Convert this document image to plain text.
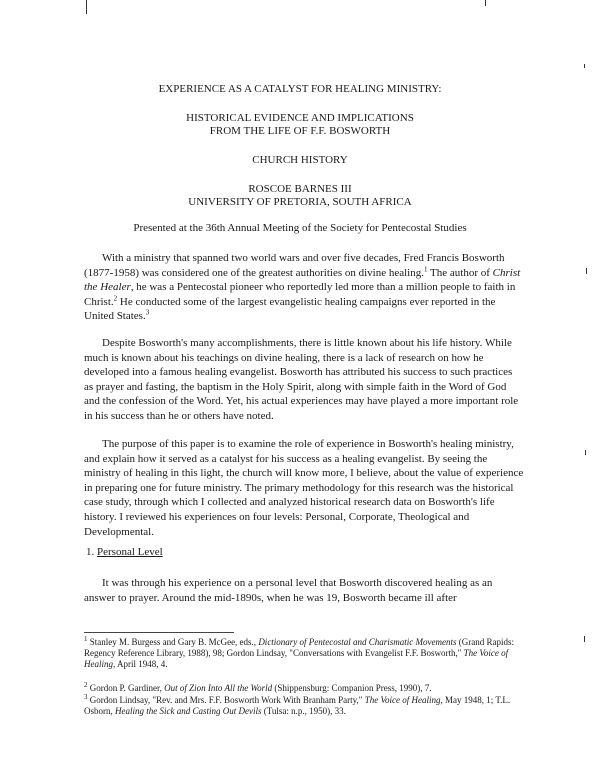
EXPERIENCE AS A CATALYST FOR HEALING MINISTRY:
HISTORICAL EVIDENCE AND IMPLICATIONS
FROM THE LIFE OF F.F. BOSWORTH
CHURCH HISTORY
ROSCOE BARNES III
UNIVERSITY OF PRETORIA, SOUTH AFRICA
Presented at the 36th Annual Meeting of the Society for Pentecostal Studies
With a ministry that spanned two world wars and over five decades, Fred Francis Bosworth (1877-1958) was considered one of the greatest authorities on divine healing.$^1$ The author of Christ the Healer, he was a Pentecostal pioneer who reportedly led more than a million people to faith in Christ.$^2$ He conducted some of the largest evangelistic healing campaigns ever reported in the United States.$^3$
Despite Bosworth's many accomplishments, there is little known about his life history. While much is known about his teachings on divine healing, there is a lack of research on how he developed into a famous healing evangelist. Bosworth has attributed his success to such practices as prayer and fasting, the baptism in the Holy Spirit, along with simple faith in the Word of God and the confession of the Word. Yet, his actual experiences may have played a more important role in his success than he or others have noted.
The purpose of this paper is to examine the role of experience in Bosworth's healing ministry, and explain how it served as a catalyst for his success as a healing evangelist. By seeing the ministry of healing in this light, the church will know more, I believe, about the value of experience in preparing one for future ministry. The primary methodology for this research was the historical case study, through which I collected and analyzed historical research data on Bosworth's life history. I reviewed his experiences on four levels: Personal, Corporate, Theological and Developmental.
1. Personal Level
It was through his experience on a personal level that Bosworth discovered healing as an answer to prayer. Around the mid-1890s, when he was 19, Bosworth became ill after
$^1$ Stanley M. Burgess and Gary B. McGee, eds., Dictionary of Pentecostal and Charismatic Movements (Grand Rapids: Regency Reference Library, 1988), 98; Gordon Lindsay, "Conversations with Evangelist F.F. Bosworth," The Voice of Healing, April 1948, 4.
$^2$ Gordon P. Gardiner, Out of Zion Into All the World (Shippensburg: Companion Press, 1990), 7.
$^3$ Gordon Lindsay, "Rev. and Mrs. F.F. Bosworth Work With Branham Party," The Voice of Healing, May 1948, 1; T.L. Osborn, Healing the Sick and Casting Out Devils (Tulsa: n.p., 1950), 33.
